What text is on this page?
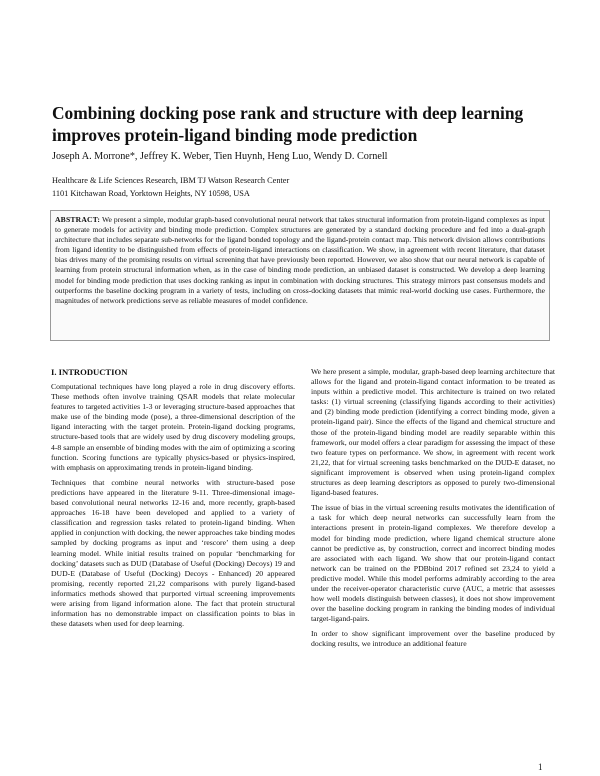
Combining docking pose rank and structure with deep learning improves protein-ligand binding mode prediction
Joseph A. Morrone*, Jeffrey K. Weber, Tien Huynh, Heng Luo, Wendy D. Cornell
Healthcare & Life Sciences Research, IBM TJ Watson Research Center
1101 Kitchawan Road, Yorktown Heights, NY 10598, USA

ABSTRACT: We present a simple, modular graph-based convolutional neural network that takes structural information from protein-ligand complexes as input to generate models for activity and binding mode prediction. Complex structures are generated by a standard docking procedure and fed into a dual-graph architecture that includes separate sub-networks for the ligand bonded topology and the ligand-protein contact map. This network division allows contributions from ligand identity to be distinguished from effects of protein-ligand interactions on classification. We show, in agreement with recent literature, that dataset bias drives many of the promising results on virtual screening that have previously been reported. However, we also show that our neural network is capable of learning from protein structural information when, as in the case of binding mode prediction, an unbiased dataset is constructed. We develop a deep learning model for binding mode prediction that uses docking ranking as input in combination with docking structures. This strategy mirrors past consensus models and outperforms the baseline docking program in a variety of tests, including on cross-docking datasets that mimic real-world docking use cases. Furthermore, the magnitudes of network predictions serve as reliable measures of model confidence.

I. INTRODUCTION

Computational techniques have long played a role in drug discovery efforts. These methods often involve training QSAR models that relate molecular features to targeted activities 1-3 or leveraging structure-based approaches that make use of the binding mode (pose), a three-dimensional description of the ligand interacting with the target protein. Protein-ligand docking programs, structure-based tools that are widely used by drug discovery modeling groups, 4-8 sample an ensemble of binding modes with the aim of optimizing a scoring function. Scoring functions are typically physics-based or physics-inspired, with emphasis on approximating trends in protein-ligand binding.

Techniques that combine neural networks with structure-based pose predictions have appeared in the literature 9-11. Three-dimensional image-based convolutional neural networks 12-16 and, more recently, graph-based approaches 16-18 have been developed and applied to a variety of classification and regression tasks related to protein-ligand binding. When applied in conjunction with docking, the newer approaches take binding modes sampled by docking programs as input and ‘rescore’ them using a deep learning model. While initial results trained on popular ‘benchmarking for docking’ datasets such as DUD (Database of Useful (Docking) Decoys) 19 and DUD-E (Database of Useful (Docking) Decoys - Enhanced) 20 appeared promising, recently reported 21,22 comparisons with purely ligand-based informatics methods showed that purported virtual screening improvements were arising from ligand information alone. The fact that protein structural information has no demonstrable impact on classification points to bias in these datasets when used for deep learning.

We here present a simple, modular, graph-based deep learning architecture that allows for the ligand and protein-ligand contact information to be treated as inputs within a predictive model. This architecture is trained on two related tasks: (1) virtual screening (classifying ligands according to their activities) and (2) binding mode prediction (identifying a correct binding mode, given a protein-ligand pair). Since the effects of the ligand and chemical structure and those of the protein-ligand binding model are readily separable within this framework, our model offers a clear paradigm for assessing the impact of these two feature types on performance. We show, in agreement with recent work 21,22, that for virtual screening tasks benchmarked on the DUD-E dataset, no significant improvement is observed when using protein-ligand complex structures as deep learning descriptors as opposed to purely two-dimensional ligand-based features.

The issue of bias in the virtual screening results motivates the identification of a task for which deep neural networks can successfully learn from the interactions present in protein-ligand complexes. We therefore develop a model for binding mode prediction, where ligand chemical structure alone cannot be predictive as, by construction, correct and incorrect binding modes are associated with each ligand. We show that our protein-ligand contact network can be trained on the PDBbind 2017 refined set 23,24 to yield a predictive model. While this model performs admirably according to the area under the receiver-operator characteristic curve (AUC, a metric that assesses how well models distinguish between classes), it does not show improvement over the baseline docking program in ranking the binding modes of individual target-ligand-pairs.

In order to show significant improvement over the baseline produced by docking results, we introduce an additional feature

1
